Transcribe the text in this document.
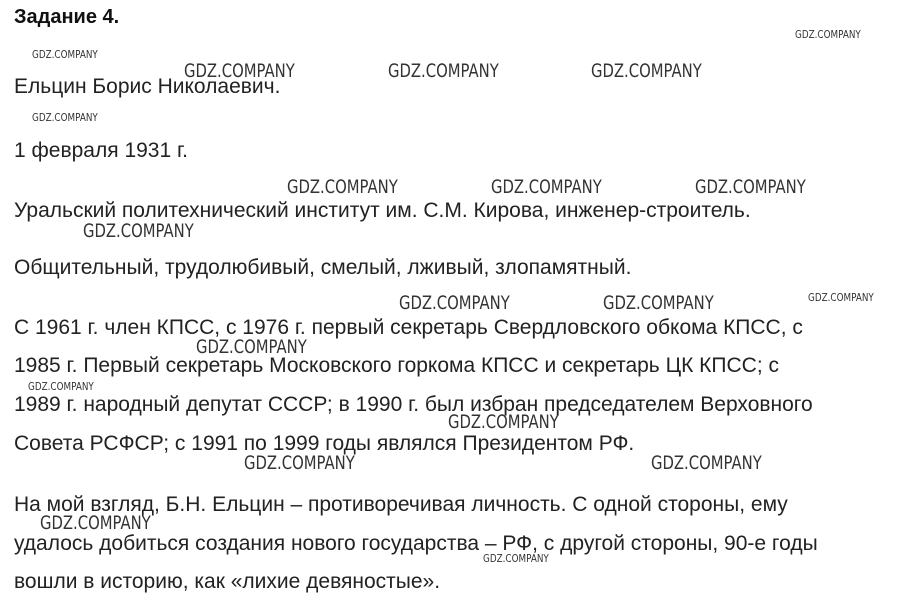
Задание 4.
Ельцин Борис Николаевич.
1 февраля 1931 г.
Уральский политехнический институт им. С.М. Кирова, инженер-строитель.
Общительный, трудолюбивый, смелый, лживый, злопамятный.
С 1961 г. член КПСС, с 1976 г. первый секретарь Свердловского обкома КПСС, с
1985 г. Первый секретарь Московского горкома КПСС и секретарь ЦК КПСС; с
1989 г. народный депутат СССР; в 1990 г. был избран председателем Верховного
Совета РСФСР; с 1991 по 1999 годы являлся Президентом РФ.
На мой взгляд, Б.Н. Ельцин – противоречивая личность. С одной стороны, ему
удалось добиться создания нового государства – РФ, с другой стороны, 90-е годы
вошли в историю, как «лихие девяностые».
GDZ.COMPANY
GDZ.COMPANY
GDZ.COMPANY	GDZ.COMPANY	GDZ.COMPANY
GDZ.COMPANY
GDZ.COMPANY	GDZ.COMPANY	GDZ.COMPANY
GDZ.COMPANY
GDZ.COMPANY	GDZ.COMPANY	GDZ.COMPANY
GDZ.COMPANY
GDZ.COMPANY
GDZ.COMPANY
GDZ.COMPANY	GDZ.COMPANY
GDZ.COMPANY
GDZ.COMPANY
